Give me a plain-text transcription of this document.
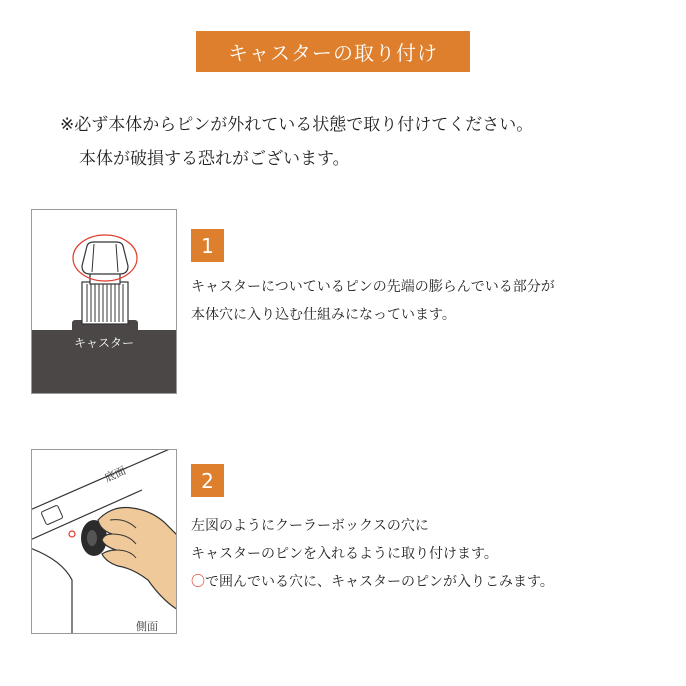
キャスターの取り付け
※必ず本体からピンが外れている状態で取り付けてください。
本体が破損する恐れがございます。
キャスター
1
キャスターについているピンの先端の膨らんでいる部分が
本体穴に入り込む仕組みになっています。
底面
側面
2
左図のようにクーラーボックスの穴に
キャスターのピンを入れるように取り付けます。
〇で囲んでいる穴に、キャスターのピンが入りこみます。
